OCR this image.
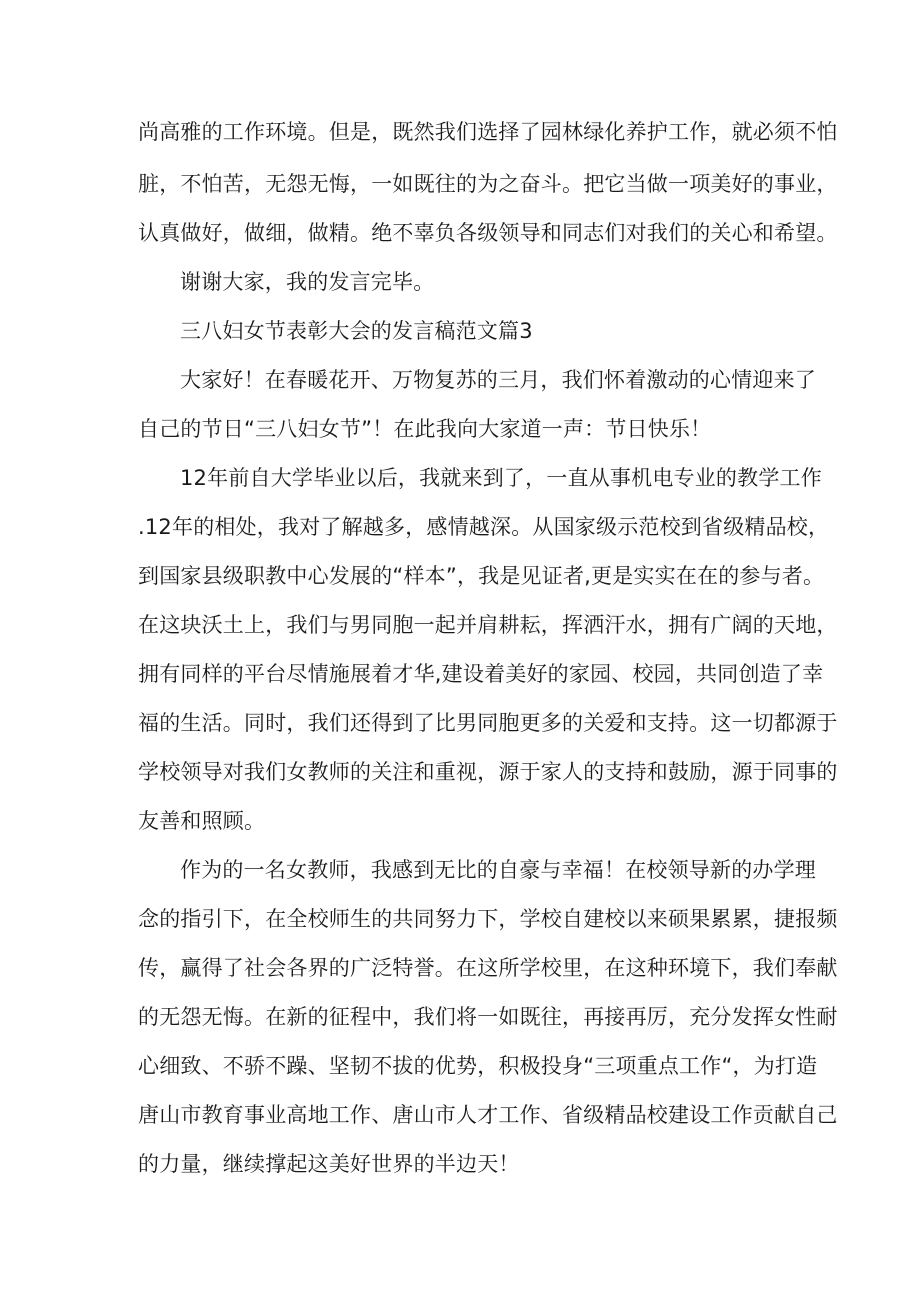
尚高雅的工作环境。但是，既然我们选择了园林绿化养护工作，就必须不怕
脏，不怕苦，无怨无悔，一如既往的为之奋斗。把它当做一项美好的事业，
认真做好，做细，做精。绝不辜负各级领导和同志们对我们的关心和希望。
谢谢大家，我的发言完毕。
三八妇女节表彰大会的发言稿范文篇3
大家好！在春暖花开、万物复苏的三月，我们怀着激动的心情迎来了
自己的节日“三八妇女节”！在此我向大家道一声：节日快乐！
12年前自大学毕业以后，我就来到了，一直从事机电专业的教学工作
.12年的相处，我对了解越多，感情越深。从国家级示范校到省级精品校，
到国家县级职教中心发展的“样本”，我是见证者,更是实实在在的参与者。
在这块沃土上，我们与男同胞一起并肩耕耘，挥洒汗水，拥有广阔的天地，
拥有同样的平台尽情施展着才华,建设着美好的家园、校园，共同创造了幸
福的生活。同时，我们还得到了比男同胞更多的关爱和支持。这一切都源于
学校领导对我们女教师的关注和重视，源于家人的支持和鼓励，源于同事的
友善和照顾。
作为的一名女教师，我感到无比的自豪与幸福！在校领导新的办学理
念的指引下，在全校师生的共同努力下，学校自建校以来硕果累累，捷报频
传，赢得了社会各界的广泛特誉。在这所学校里，在这种环境下，我们奉献
的无怨无悔。在新的征程中，我们将一如既往，再接再厉，充分发挥女性耐
心细致、不骄不躁、坚韧不拔的优势，积极投身“三项重点工作“，为打造
唐山市教育事业高地工作、唐山市人才工作、省级精品校建设工作贡献自己
的力量，继续撑起这美好世界的半边天！
